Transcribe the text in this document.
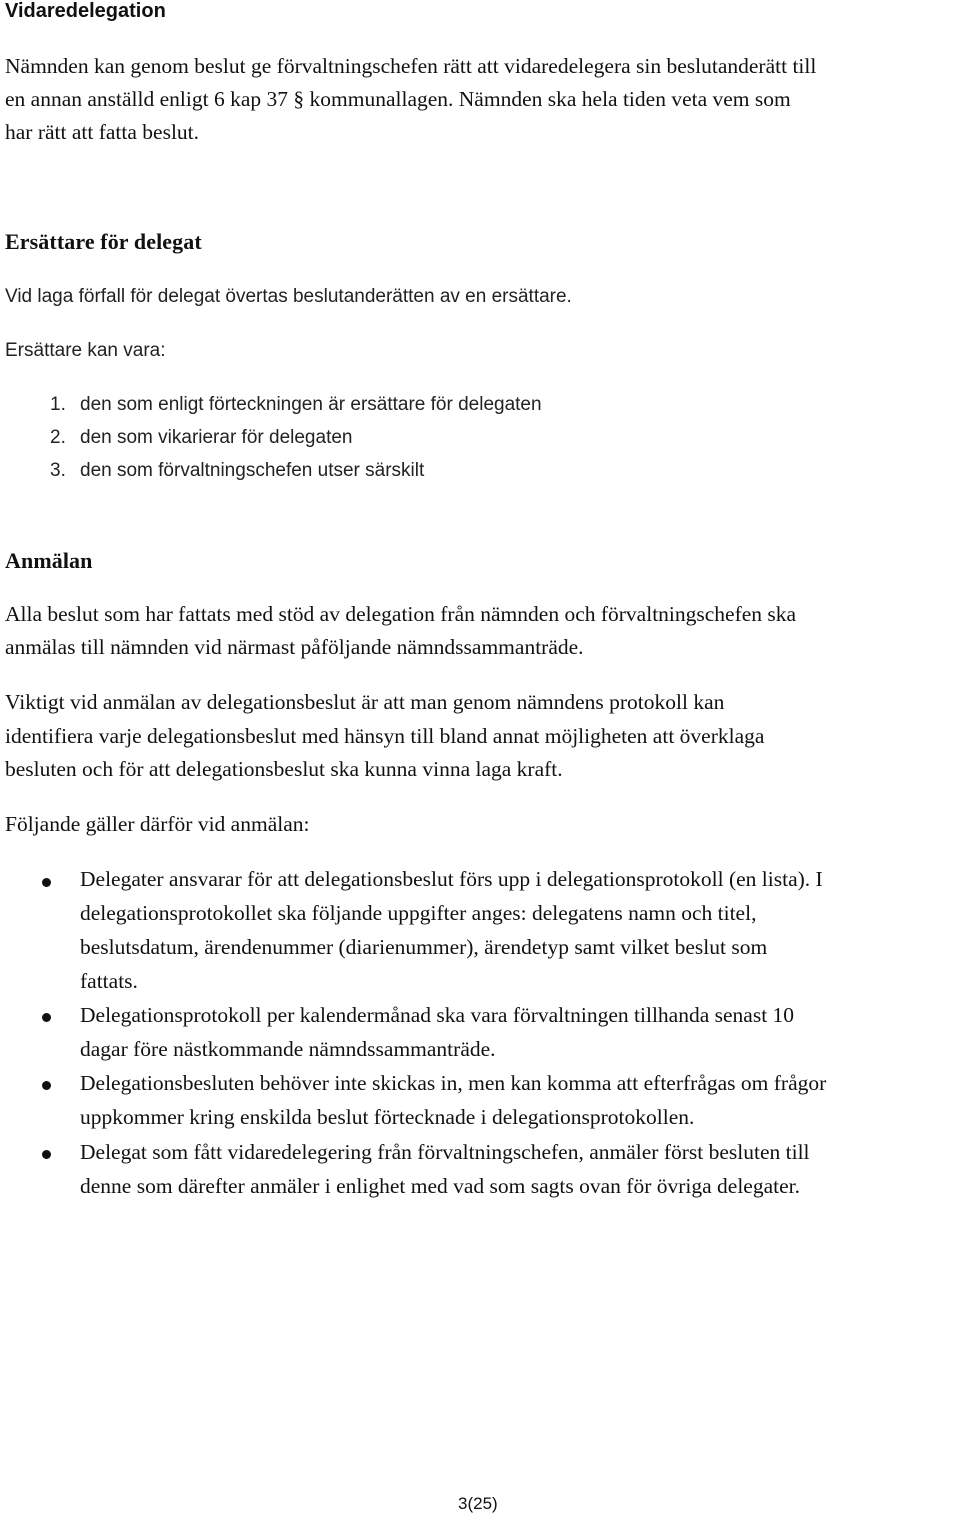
Vidaredelegation
Nämnden kan genom beslut ge förvaltningschefen rätt att vidaredelegera sin beslutanderätt till
en annan anställd enligt 6 kap 37 § kommunallagen. Nämnden ska hela tiden veta vem som
har rätt att fatta beslut.
Ersättare för delegat
Vid laga förfall för delegat övertas beslutanderätten av en ersättare.
Ersättare kan vara:
1. den som enligt förteckningen är ersättare för delegaten
2. den som vikarierar för delegaten
3. den som förvaltningschefen utser särskilt
Anmälan
Alla beslut som har fattats med stöd av delegation från nämnden och förvaltningschefen ska
anmälas till nämnden vid närmast påföljande nämndssammanträde.
Viktigt vid anmälan av delegationsbeslut är att man genom nämndens protokoll kan
identifiera varje delegationsbeslut med hänsyn till bland annat möjligheten att överklaga
besluten och för att delegationsbeslut ska kunna vinna laga kraft.
Följande gäller därför vid anmälan:
Delegater ansvarar för att delegationsbeslut förs upp i delegationsprotokoll (en lista). I
delegationsprotokollet ska följande uppgifter anges: delegatens namn och titel,
beslutsdatum, ärendenummer (diarienummer), ärendetyp samt vilket beslut som
fattats.
Delegationsprotokoll per kalendermånad ska vara förvaltningen tillhanda senast 10
dagar före nästkommande nämndssammanträde.
Delegationsbesluten behöver inte skickas in, men kan komma att efterfrågas om frågor
uppkommer kring enskilda beslut förtecknade i delegationsprotokollen.
Delegat som fått vidaredelegering från förvaltningschefen, anmäler först besluten till
denne som därefter anmäler i enlighet med vad som sagts ovan för övriga delegater.
3(25)
